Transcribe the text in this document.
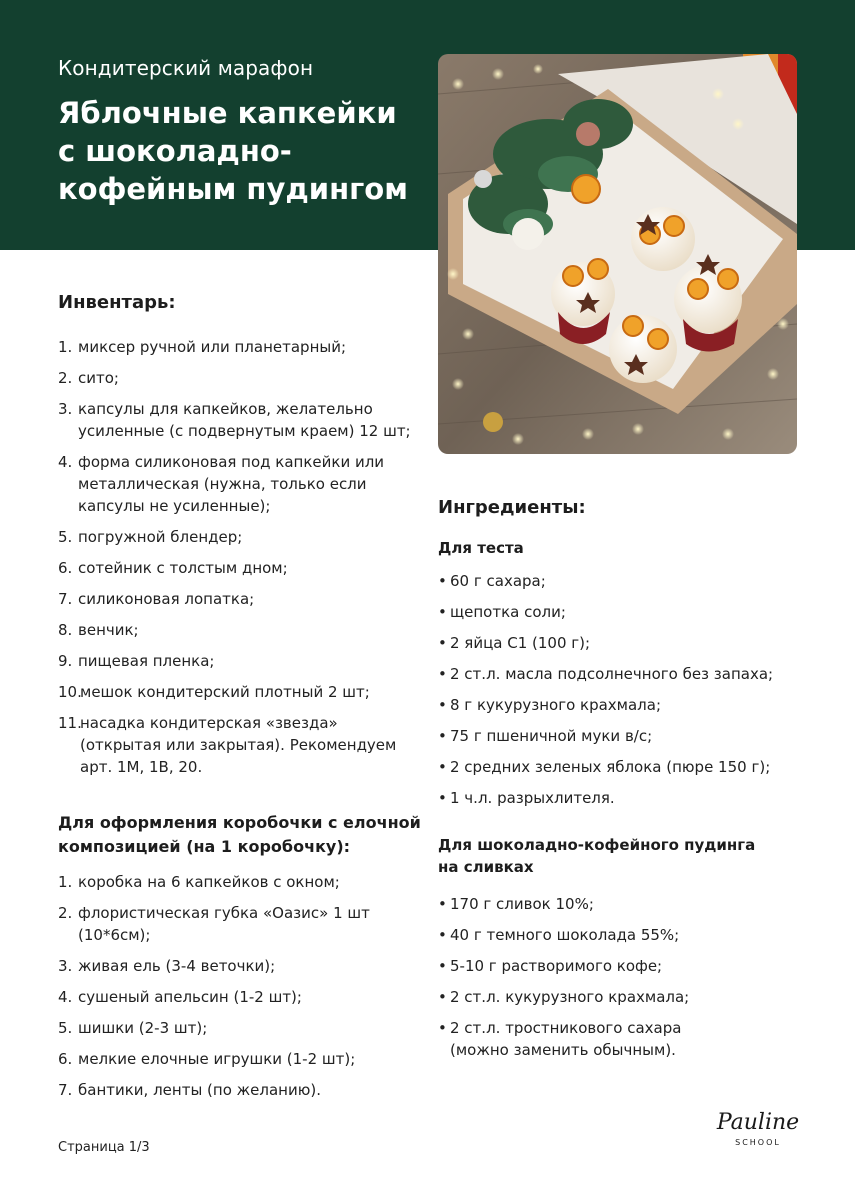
Кондитерский марафон
Яблочные капкейки
с шоколадно-
кофейным пудингом
Инвентарь:
1. миксер ручной или планетарный;
2. сито;
3. капсулы для капкейков, желательно
усиленные (с подвернутым краем) 12 шт;
4. форма силиконовая под капкейки или
металлическая (нужна, только если
капсулы не усиленные);
5. погружной блендер;
6. сотейник с толстым дном;
7. силиконовая лопатка;
8. венчик;
9. пищевая пленка;
10.
мешок кондитерский плотный 2 шт;
11.
насадка кондитерская «звезда»
(открытая или закрытая). Рекомендуем
арт. 1M, 1B, 20.
Для оформления коробочки с елочной
композицией (на 1 коробочку):
1. коробка на 6 капкейков с окном;
2. флористическая губка «Оазис» 1 шт
(10*6см);
3. живая ель (3-4 веточки);
4. сушеный апельсин (1-2 шт);
5. шишки (2-3 шт);
6. мелкие елочные игрушки (1-2 шт);
7. бантики, ленты (по желанию).
Ингредиенты:
Для теста
• 60 г сахара;
• щепотка соли;
• 2 яйца С1 (100 г);
• 2 ст.л. масла подсолнечного без запаха;
• 8 г кукурузного крахмала;
• 75 г пшеничной муки в/с;
• 2 средних зеленых яблока (пюре 150 г);
• 1 ч.л. разрыхлителя.
Для шоколадно-кофейного пудинга
на сливках
• 170 г сливок 10%;
• 40 г темного шоколада 55%;
• 5-10 г растворимого кофе;
• 2 ст.л. кукурузного крахмала;
• 2 ст.л. тростникового сахара
(можно заменить обычным).
Страница 1/3
Pauline
SCHOOL
